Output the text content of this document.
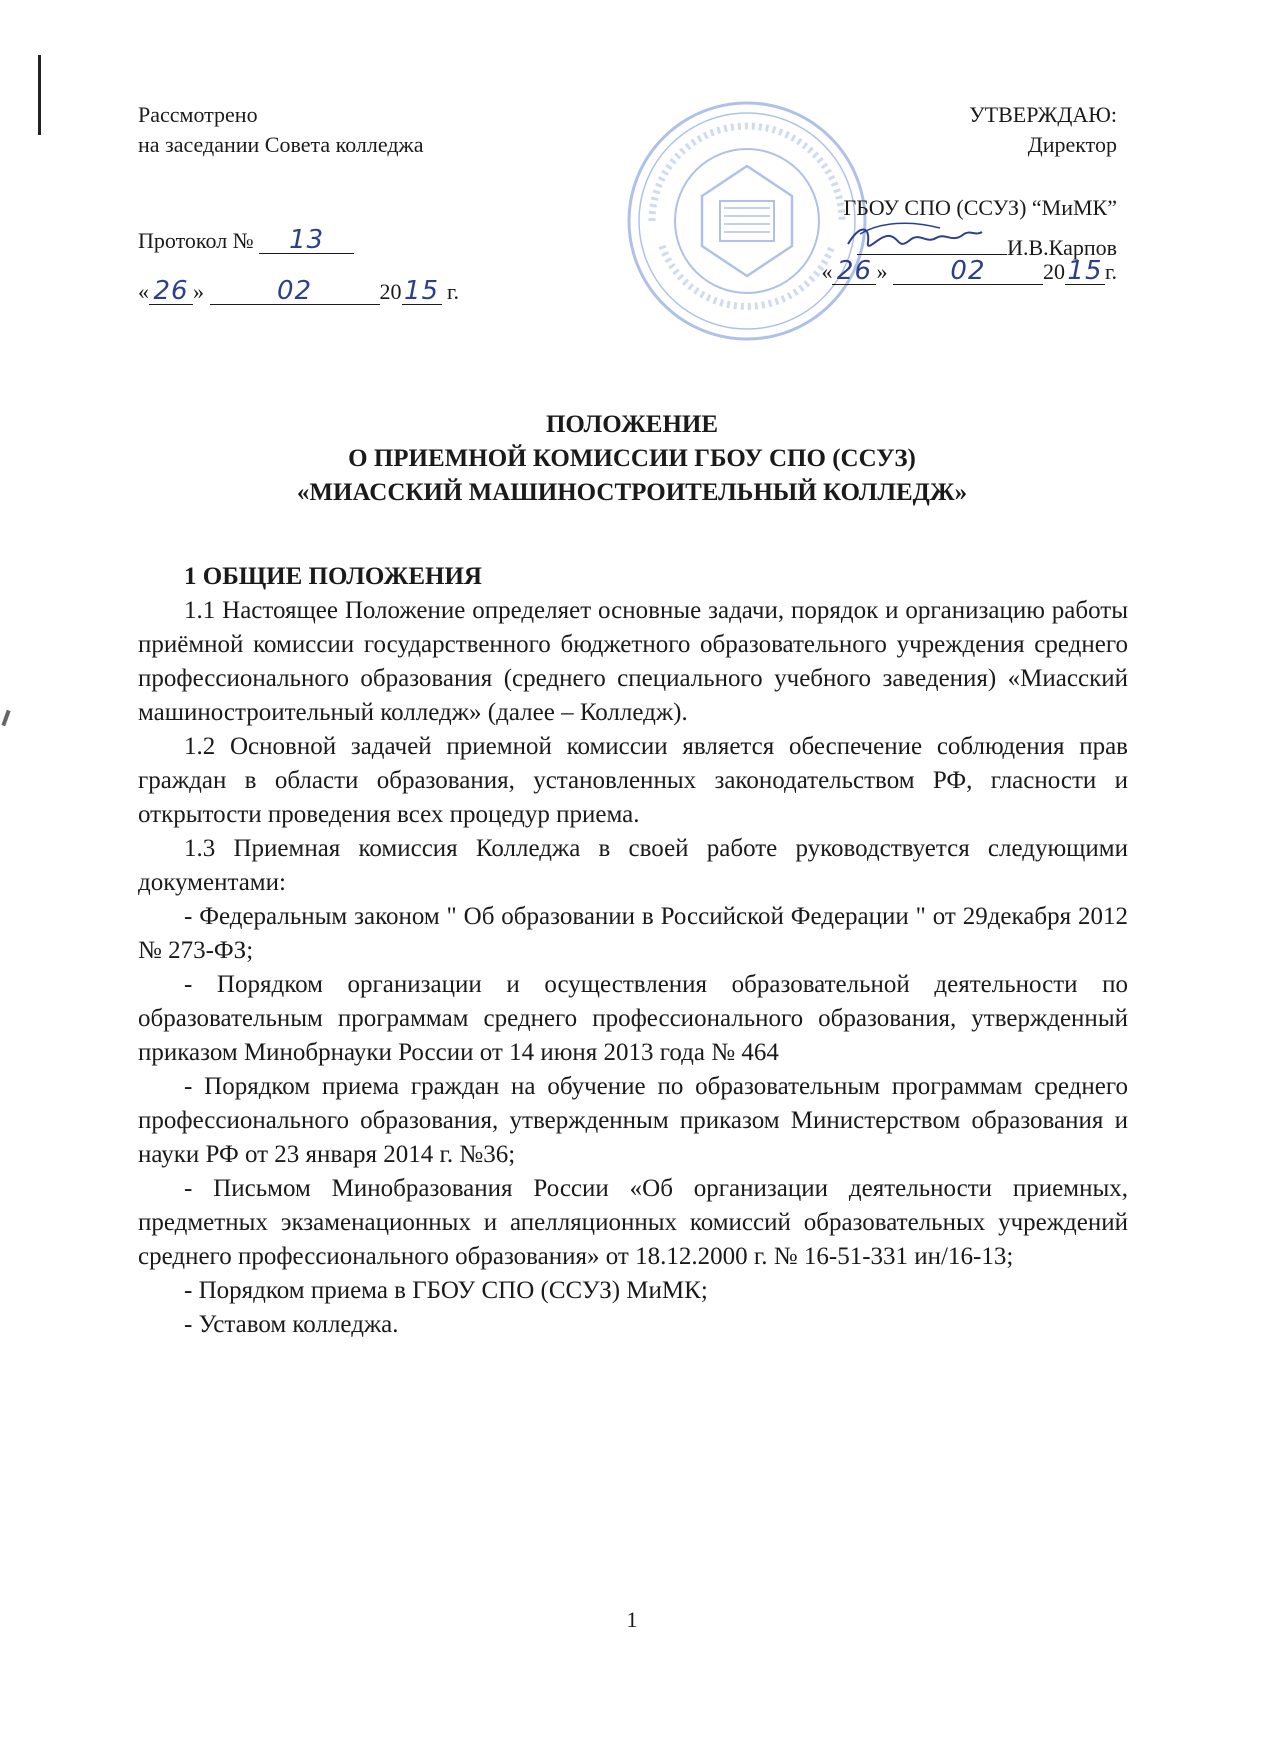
Рассмотрено
на заседании Совета колледжа
Протокол № 13
« 26 »	02	2015 г.
УТВЕРЖДАЮ:
Директор
ГБОУ СПО (ССУЗ) “МиМК”
И.В.Карпов
« 26 » 02	2015 г.
ПОЛОЖЕНИЕ
О ПРИЕМНОЙ КОМИССИИ ГБОУ СПО (ССУЗ)
«МИАССКИЙ МАШИНОСТРОИТЕЛЬНЫЙ КОЛЛЕДЖ»

1 ОБЩИЕ ПОЛОЖЕНИЯ

1.1 Настоящее Положение определяет основные задачи, порядок и организацию работы приёмной комиссии государственного бюджетного образовательного учреждения среднего профессионального образования (среднего специального учебного заведения) «Миасский машиностроительный колледж» (далее – Колледж).

1.2 Основной задачей приемной комиссии является обеспечение соблюдения прав граждан в области образования, установленных законодательством РФ, гласности и открытости проведения всех процедур приема.

1.3 Приемная комиссия Колледжа в своей работе руководствуется следующими документами:

- Федеральным законом " Об образовании в Российской Федерации " от 29декабря 2012 № 273-ФЗ;

- Порядком организации и осуществления образовательной деятельности по образовательным программам среднего профессионального образования, утвержденный приказом Минобрнауки России от 14 июня 2013 года № 464

- Порядком приема граждан на обучение по образовательным программам среднего профессионального образования, утвержденным приказом Министерством образования и науки РФ от 23 января 2014 г. №36;

- Письмом Минобразования России «Об организации деятельности приемных, предметных экзаменационных и апелляционных комиссий образовательных учреждений среднего профессионального образования» от 18.12.2000 г. № 16-51-331 ин/16-13;

- Порядком приема в ГБОУ СПО (ССУЗ) МиМК;

- Уставом колледжа.

1
